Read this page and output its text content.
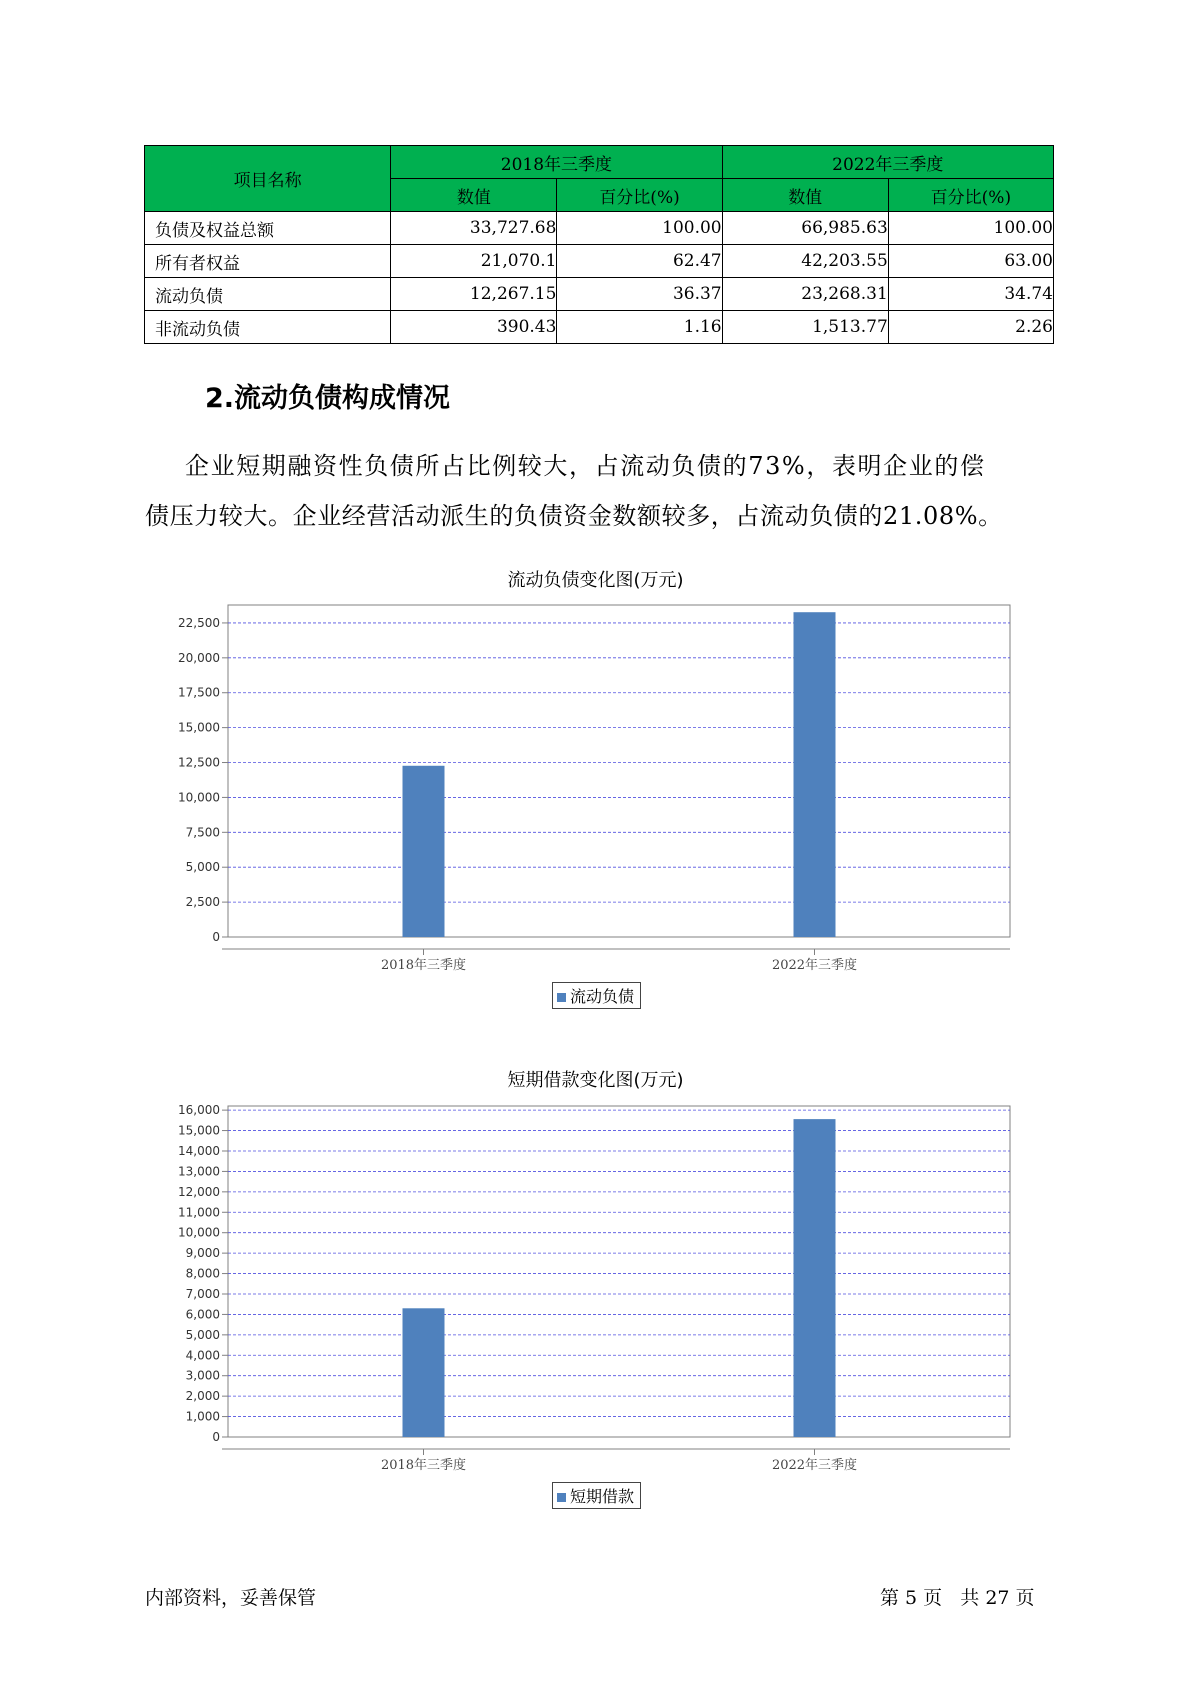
项目名称	2018年三季度		2022年三季度	
	数值	百分比(%)	数值	百分比(%)
负债及权益总额	33,727.68	100.00	66,985.63	100.00
所有者权益	21,070.1	62.47	42,203.55	63.00
流动负债	12,267.15	36.37	23,268.31	34.74
非流动负债	390.43	1.16	1,513.77	2.26
2.流动负债构成情况

企业短期融资性负债所占比例较大，占流动负债的73%，表明企业的偿

债压力较大。企业经营活动派生的负债资金数额较多，占流动负债的21.08%。

流动负债变化图(万元)
0
2,500
5,000
7,500
10,000
12,500
15,000
17,500
20,000
22,500
2018年三季度	2022年三季度
流动负债
短期借款变化图(万元)
0
1,000
2,000
3,000
4,000
5,000
6,000
7,000
8,000
9,000
10,000
11,000
12,000
13,000
14,000
15,000
16,000
2018年三季度	2022年三季度
短期借款
内部资料，妥善保管	第 5 页   共 27 页
